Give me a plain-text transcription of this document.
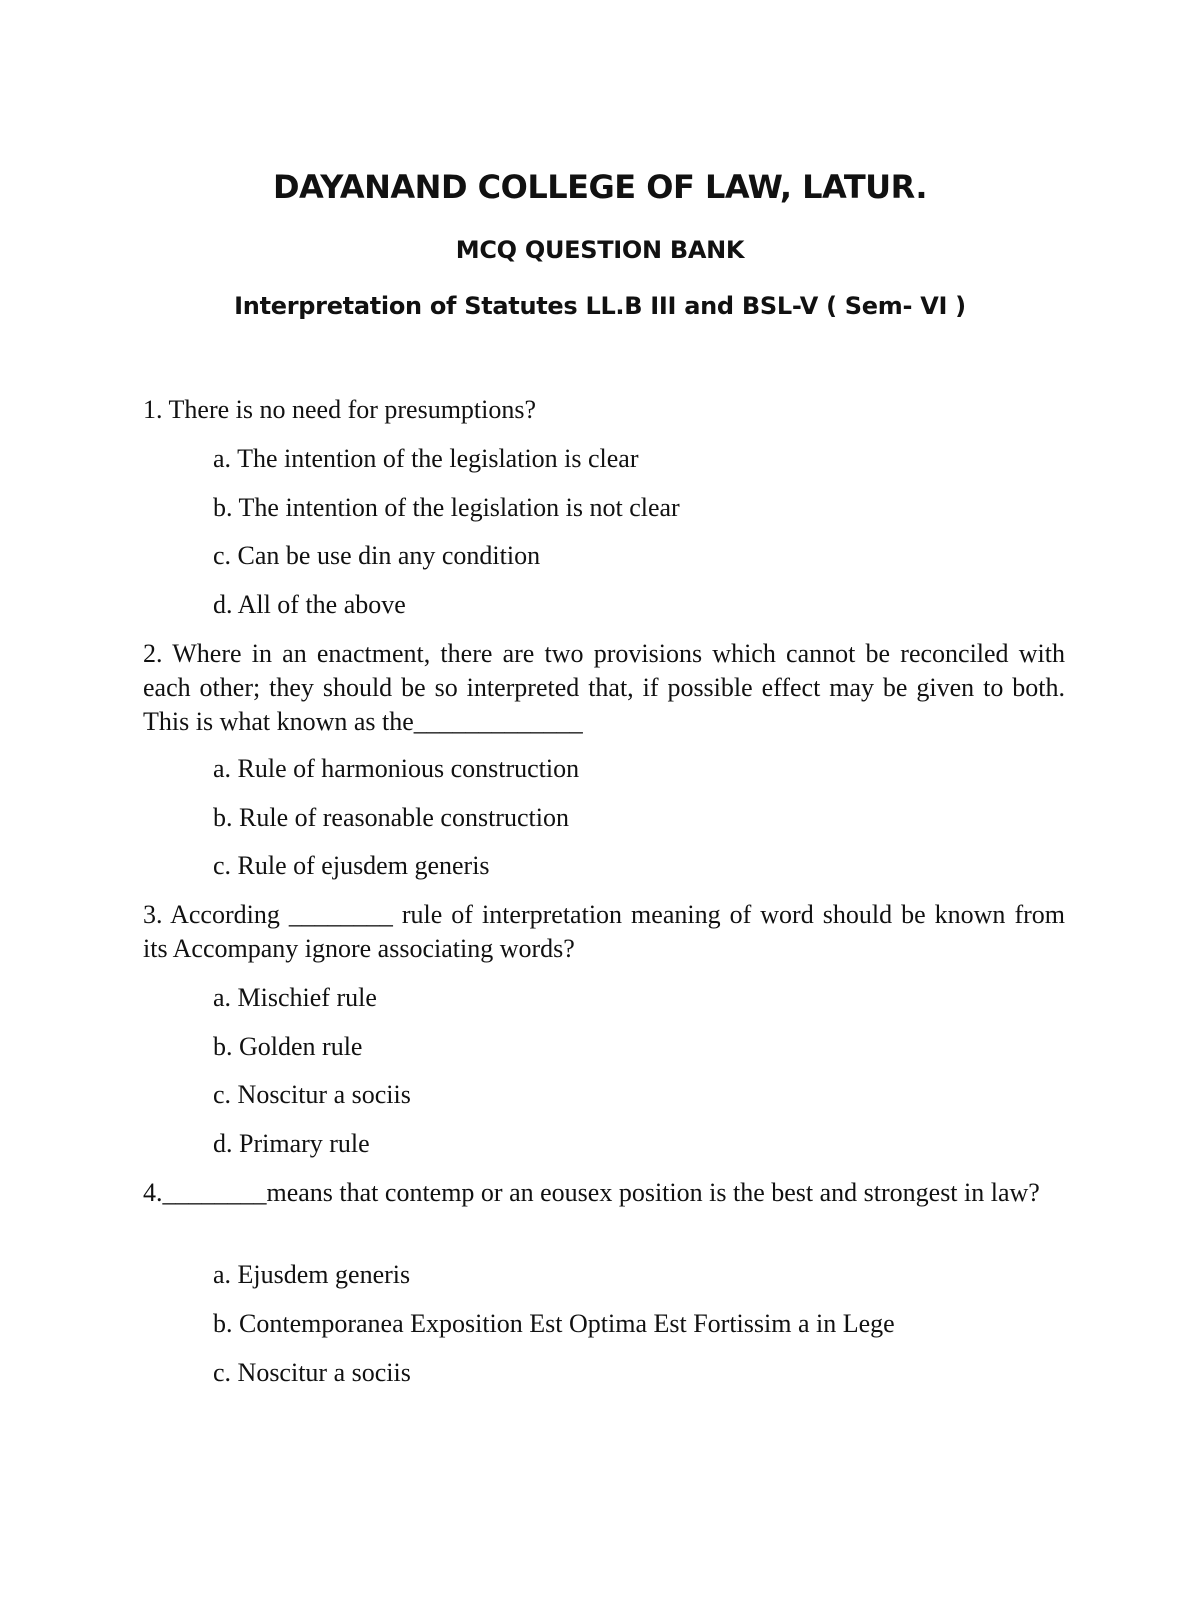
DAYANAND COLLEGE OF LAW, LATUR.
MCQ QUESTION BANK
Interpretation of Statutes LL.B III and BSL-V ( Sem- VI )
1. There is no need for presumptions?
a. The intention of the legislation is clear
b. The intention of the legislation is not clear
c. Can be use din any condition
d. All of the above
2. Where in an enactment, there are two provisions which cannot be reconciled with each other; they should be so interpreted that, if possible effect may be given to both. This is what known as the_____________
a. Rule of harmonious construction
b. Rule of reasonable construction
c. Rule of ejusdem generis
3. According ________ rule of interpretation meaning of word should be known from its Accompany ignore associating words?
a. Mischief rule
b. Golden rule
c. Noscitur a sociis
d. Primary rule
4.________means that contemp or an eousex position is the best and strongest in law?
a. Ejusdem generis
b. Contemporanea Exposition Est Optima Est Fortissim a in Lege
c. Noscitur a sociis
